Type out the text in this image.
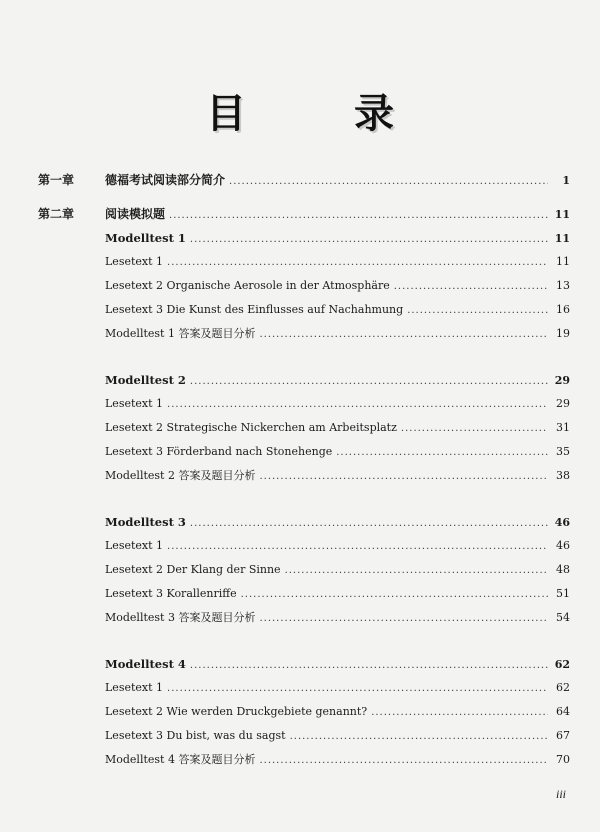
目　录
第一章	德福考试阅读部分简介 .....	1
第二章	阅读模拟题 .....	11
Modelltest 1 .....	11
Lesetext 1 .....	11
Lesetext 2 Organische Aerosole in der Atmosphäre .....	13
Lesetext 3 Die Kunst des Einflusses auf Nachahmung .....	16
Modelltest 1 答案及题目分析 .....	19
Modelltest 2 .....	29
Lesetext 1 .....	29
Lesetext 2 Strategische Nickerchen am Arbeitsplatz .....	31
Lesetext 3 Förderband nach Stonehenge .....	35
Modelltest 2 答案及题目分析 .....	38
Modelltest 3 .....	46
Lesetext 1 .....	46
Lesetext 2 Der Klang der Sinne .....	48
Lesetext 3 Korallenriffe .....	51
Modelltest 3 答案及题目分析 .....	54
Modelltest 4 .....	62
Lesetext 1 .....	62
Lesetext 2 Wie werden Druckgebiete genannt? .....	64
Lesetext 3 Du bist, was du sagst .....	67
Modelltest 4 答案及题目分析 .....	70
iii
